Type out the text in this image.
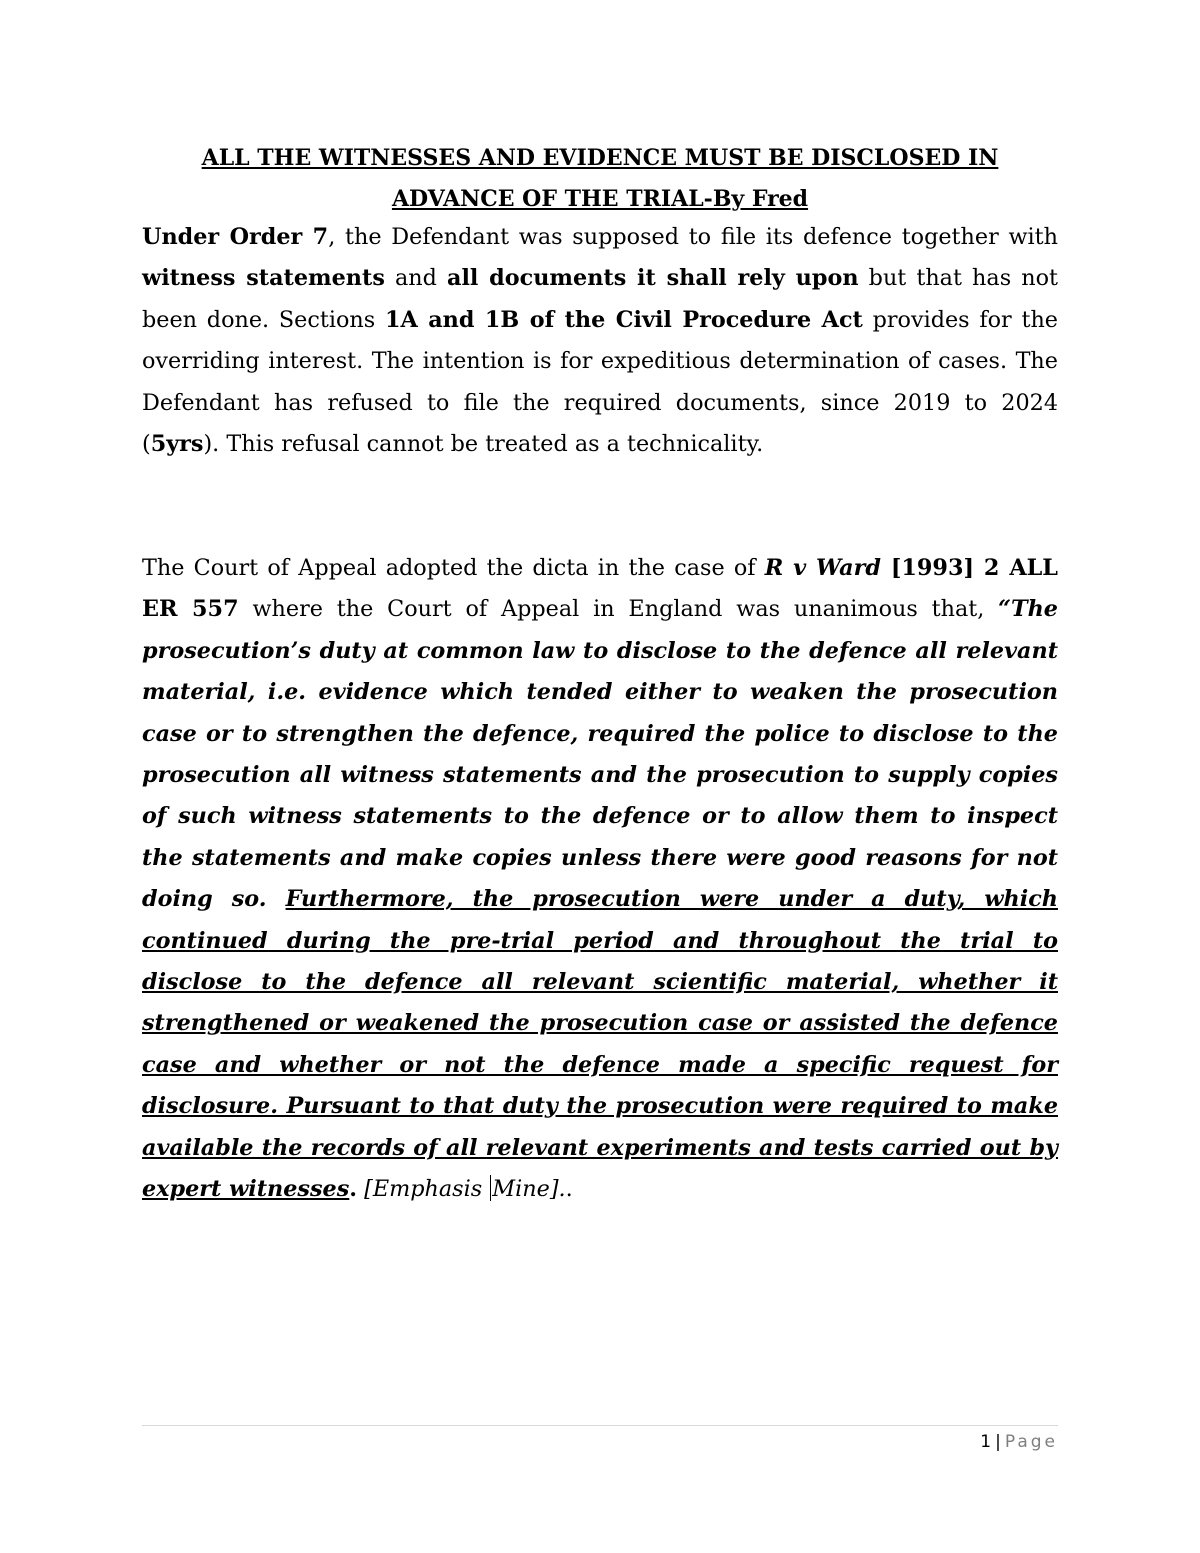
ALL THE WITNESSES AND EVIDENCE MUST BE DISCLOSED IN
ADVANCE OF THE TRIAL-By Fred

Under Order 7, the Defendant was supposed to file its defence together with witness statements and all documents it shall rely upon but that has not been done. Sections 1A and 1B of the Civil Procedure Act provides for the overriding interest. The intention is for expeditious determination of cases. The Defendant has refused to file the required documents, since 2019 to 2024 (5yrs). This refusal cannot be treated as a technicality.

The Court of Appeal adopted the dicta in the case of R v Ward [1993] 2 ALL ER 557 where the Court of Appeal in England was unanimous that, “The prosecution’s duty at common law to disclose to the defence all relevant material, i.e. evidence which tended either to weaken the prosecution case or to strengthen the defence, required the police to disclose to the prosecution all witness statements and the prosecution to supply copies of such witness statements to the defence or to allow them to inspect the statements and make copies unless there were good reasons for not doing so. Furthermore, the prosecution were under a duty, which continued during the pre-trial period and throughout the trial to disclose to the defence all relevant scientific material, whether it strengthened or weakened the prosecution case or assisted the defence case and whether or not the defence made a specific request for disclosure. Pursuant to that duty the prosecution were required to make available the records of all relevant experiments and tests carried out by expert witnesses. [Emphasis Mine]..

1 | Page
